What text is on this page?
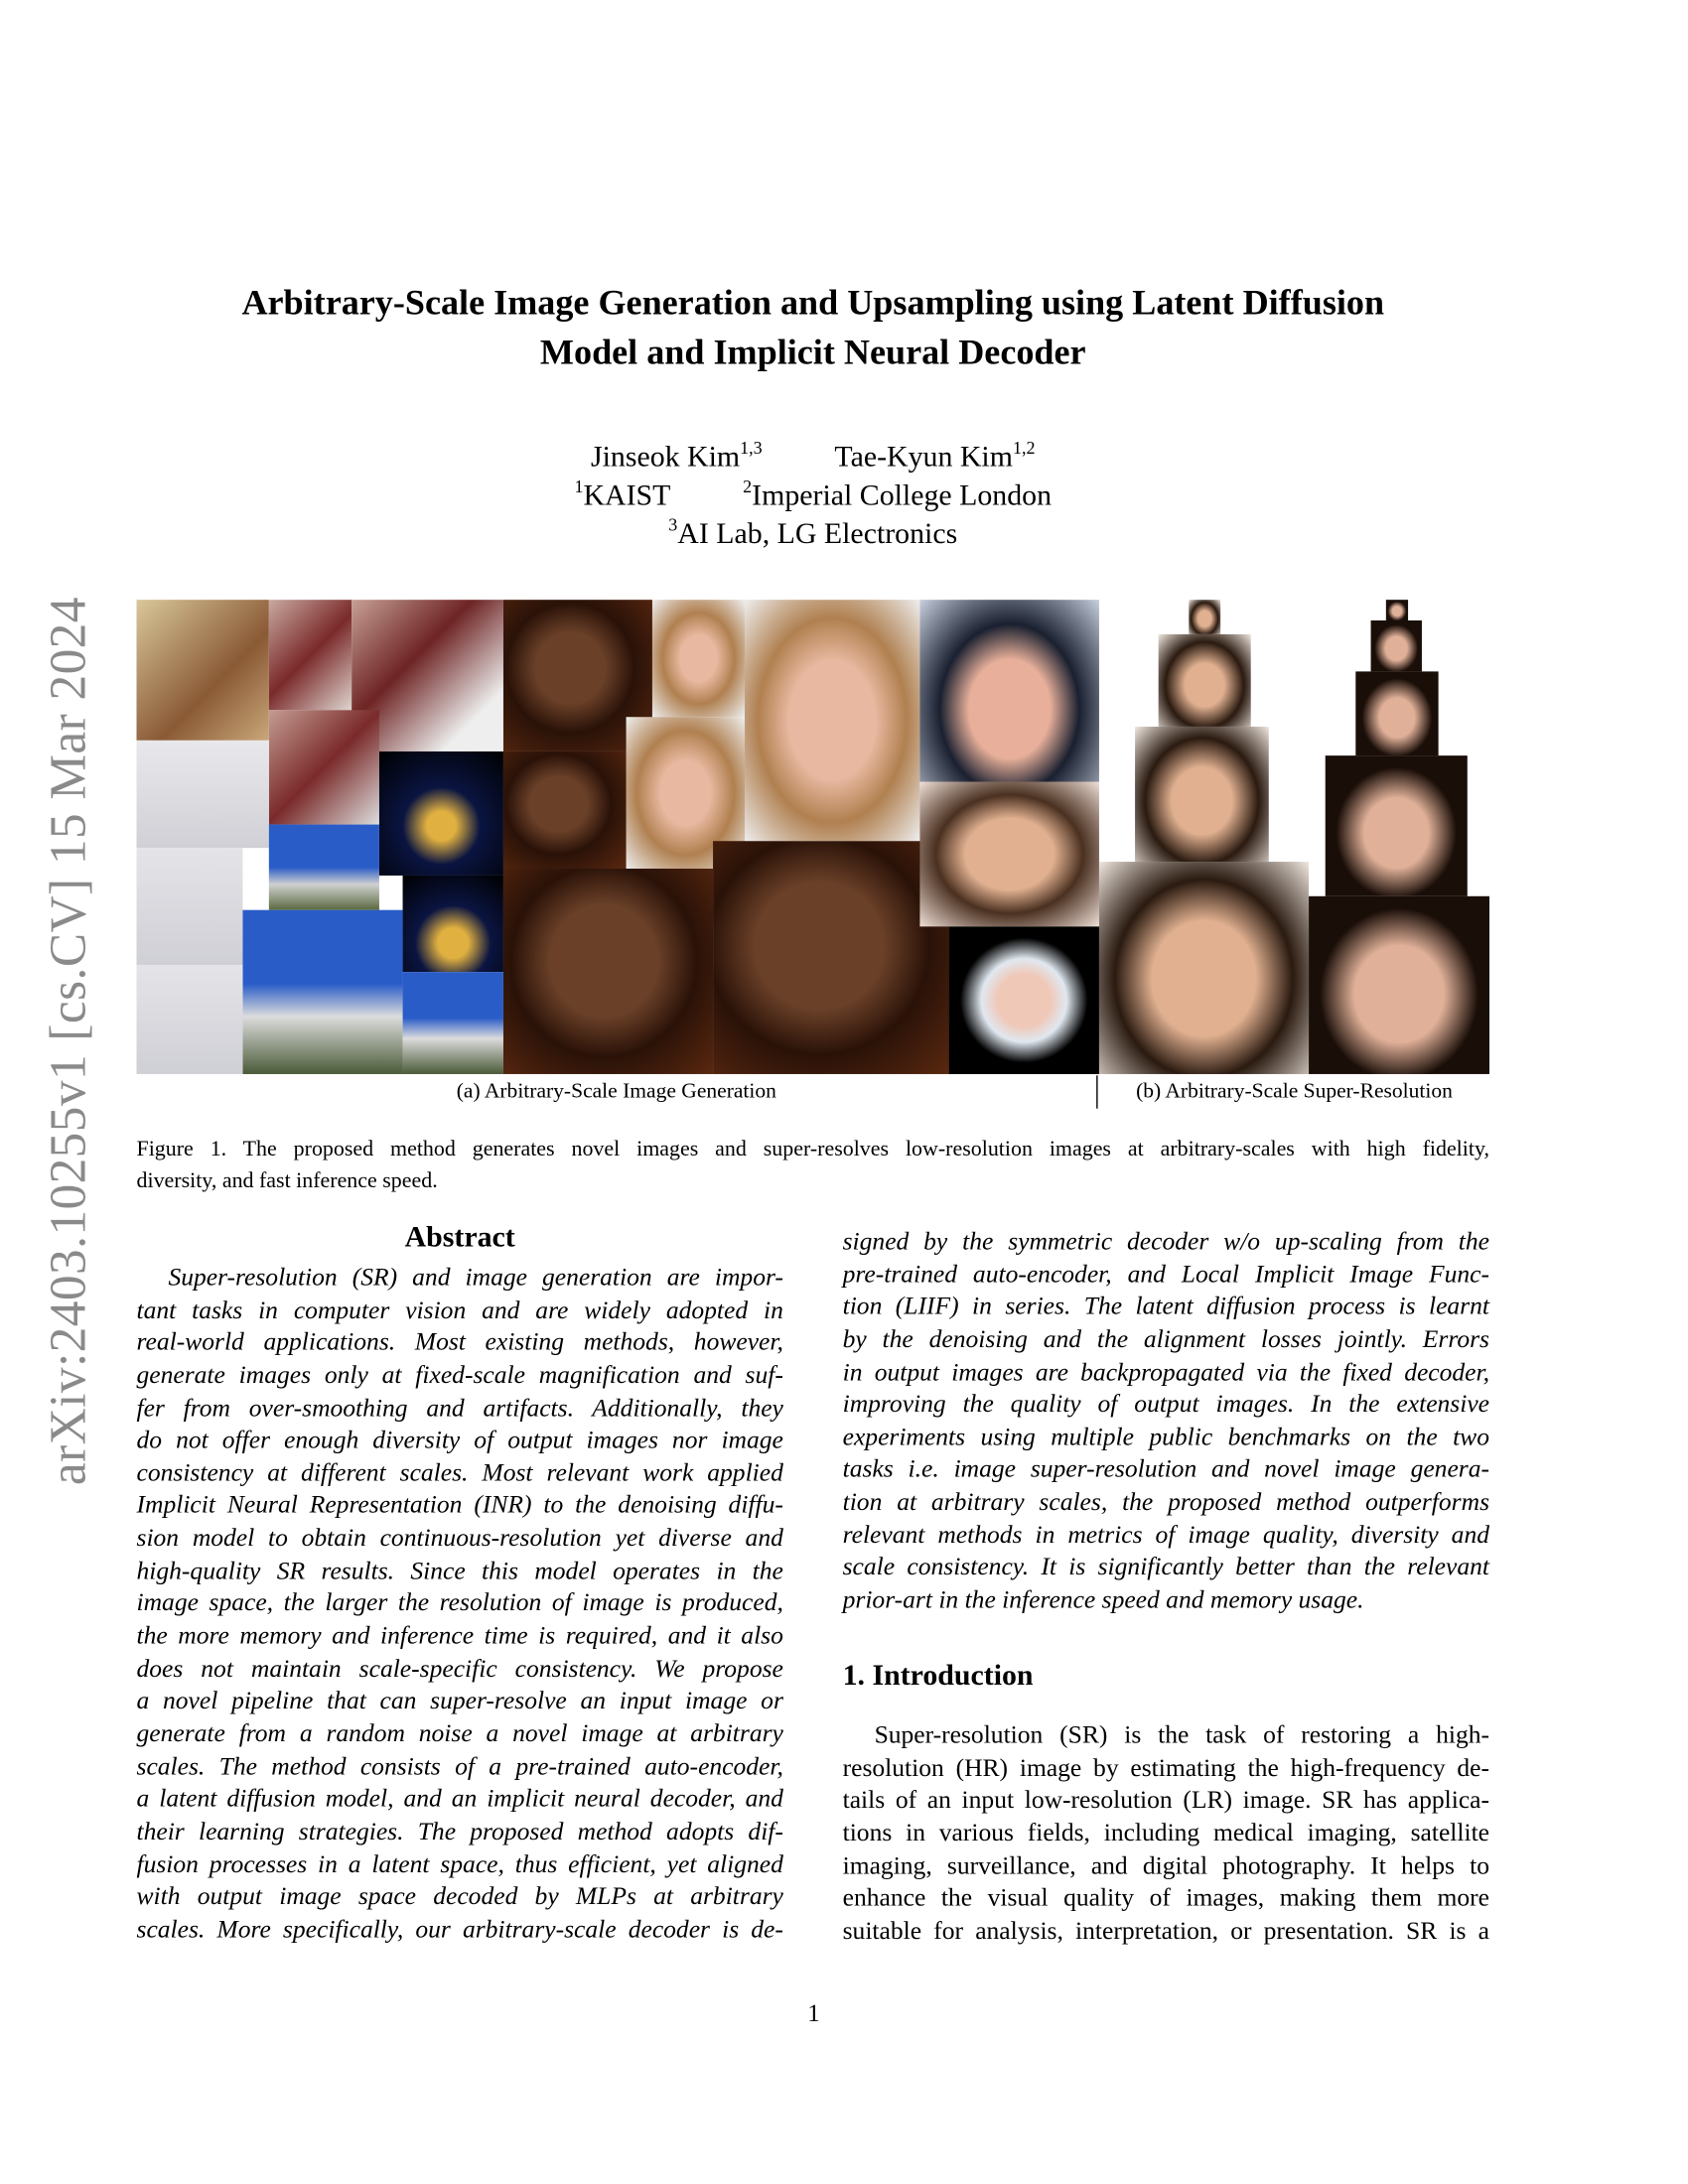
arXiv:2403.10255v1 [cs.CV] 15 Mar 2024
Arbitrary-Scale Image Generation and Upsampling using Latent Diffusion
Model and Implicit Neural Decoder
Jinseok Kim$^{1,3}$	Tae-Kyun Kim$^{1,2}$
$^1$KAIST	$^2$Imperial College London
$^3$AI Lab, LG Electronics
(a) Arbitrary-Scale Image Generation	(b) Arbitrary-Scale Super-Resolution
Figure 1. The proposed method generates novel images and super-resolves low-resolution images at arbitrary-scales with high fidelity,
diversity, and fast inference speed.
Abstract
Super-resolution (SR) and image generation are impor-
tant tasks in computer vision and are widely adopted in
real-world applications. Most existing methods, however,
generate images only at fixed-scale magnification and suf-
fer from over-smoothing and artifacts. Additionally, they
do not offer enough diversity of output images nor image
consistency at different scales. Most relevant work applied
Implicit Neural Representation (INR) to the denoising diffu-
sion model to obtain continuous-resolution yet diverse and
high-quality SR results. Since this model operates in the
image space, the larger the resolution of image is produced,
the more memory and inference time is required, and it also
does not maintain scale-specific consistency. We propose
a novel pipeline that can super-resolve an input image or
generate from a random noise a novel image at arbitrary
scales. The method consists of a pre-trained auto-encoder,
a latent diffusion model, and an implicit neural decoder, and
their learning strategies. The proposed method adopts dif-
fusion processes in a latent space, thus efficient, yet aligned
with output image space decoded by MLPs at arbitrary
scales. More specifically, our arbitrary-scale decoder is de-
signed by the symmetric decoder w/o up-scaling from the
pre-trained auto-encoder, and Local Implicit Image Func-
tion (LIIF) in series. The latent diffusion process is learnt
by the denoising and the alignment losses jointly. Errors
in output images are backpropagated via the fixed decoder,
improving the quality of output images. In the extensive
experiments using multiple public benchmarks on the two
tasks i.e. image super-resolution and novel image genera-
tion at arbitrary scales, the proposed method outperforms
relevant methods in metrics of image quality, diversity and
scale consistency. It is significantly better than the relevant
prior-art in the inference speed and memory usage.
1. Introduction
Super-resolution (SR) is the task of restoring a high-
resolution (HR) image by estimating the high-frequency de-
tails of an input low-resolution (LR) image. SR has applica-
tions in various fields, including medical imaging, satellite
imaging, surveillance, and digital photography. It helps to
enhance the visual quality of images, making them more
suitable for analysis, interpretation, or presentation. SR is a
1
